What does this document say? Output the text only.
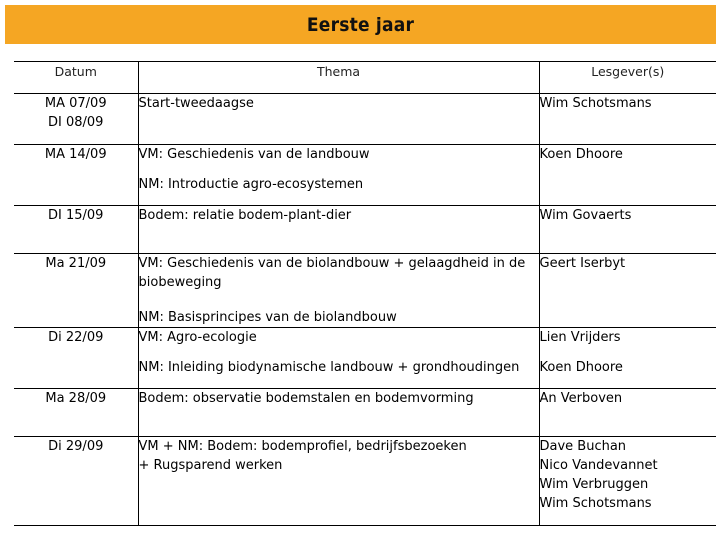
Eerste jaar
Datum	Thema	Lesgever(s)

MA 07/09
DI 08/09	Start-tweedaagse	Wim Schotsmans

MA 14/09	VM: Geschiedenis van de landbouw
NM: Introductie agro-ecosystemen	Koen Dhoore

DI 15/09	Bodem: relatie bodem-plant-dier	Wim Govaerts

Ma 21/09	VM: Geschiedenis van de biolandbouw + gelaagdheid in de biobeweging
NM: Basisprincipes van de biolandbouw	Geert Iserbyt

Di 22/09	VM: Agro-ecologie
NM: Inleiding biodynamische landbouw + grondhoudingen	Lien Vrijders
Koen Dhoore

Ma 28/09	Bodem: observatie bodemstalen en bodemvorming	An Verboven

Di 29/09	VM + NM: Bodem: bodemprofiel, bedrijfsbezoeken
+ Rugsparend werken	Dave Buchan
Nico Vandevannet
Wim Verbruggen
Wim Schotsmans
